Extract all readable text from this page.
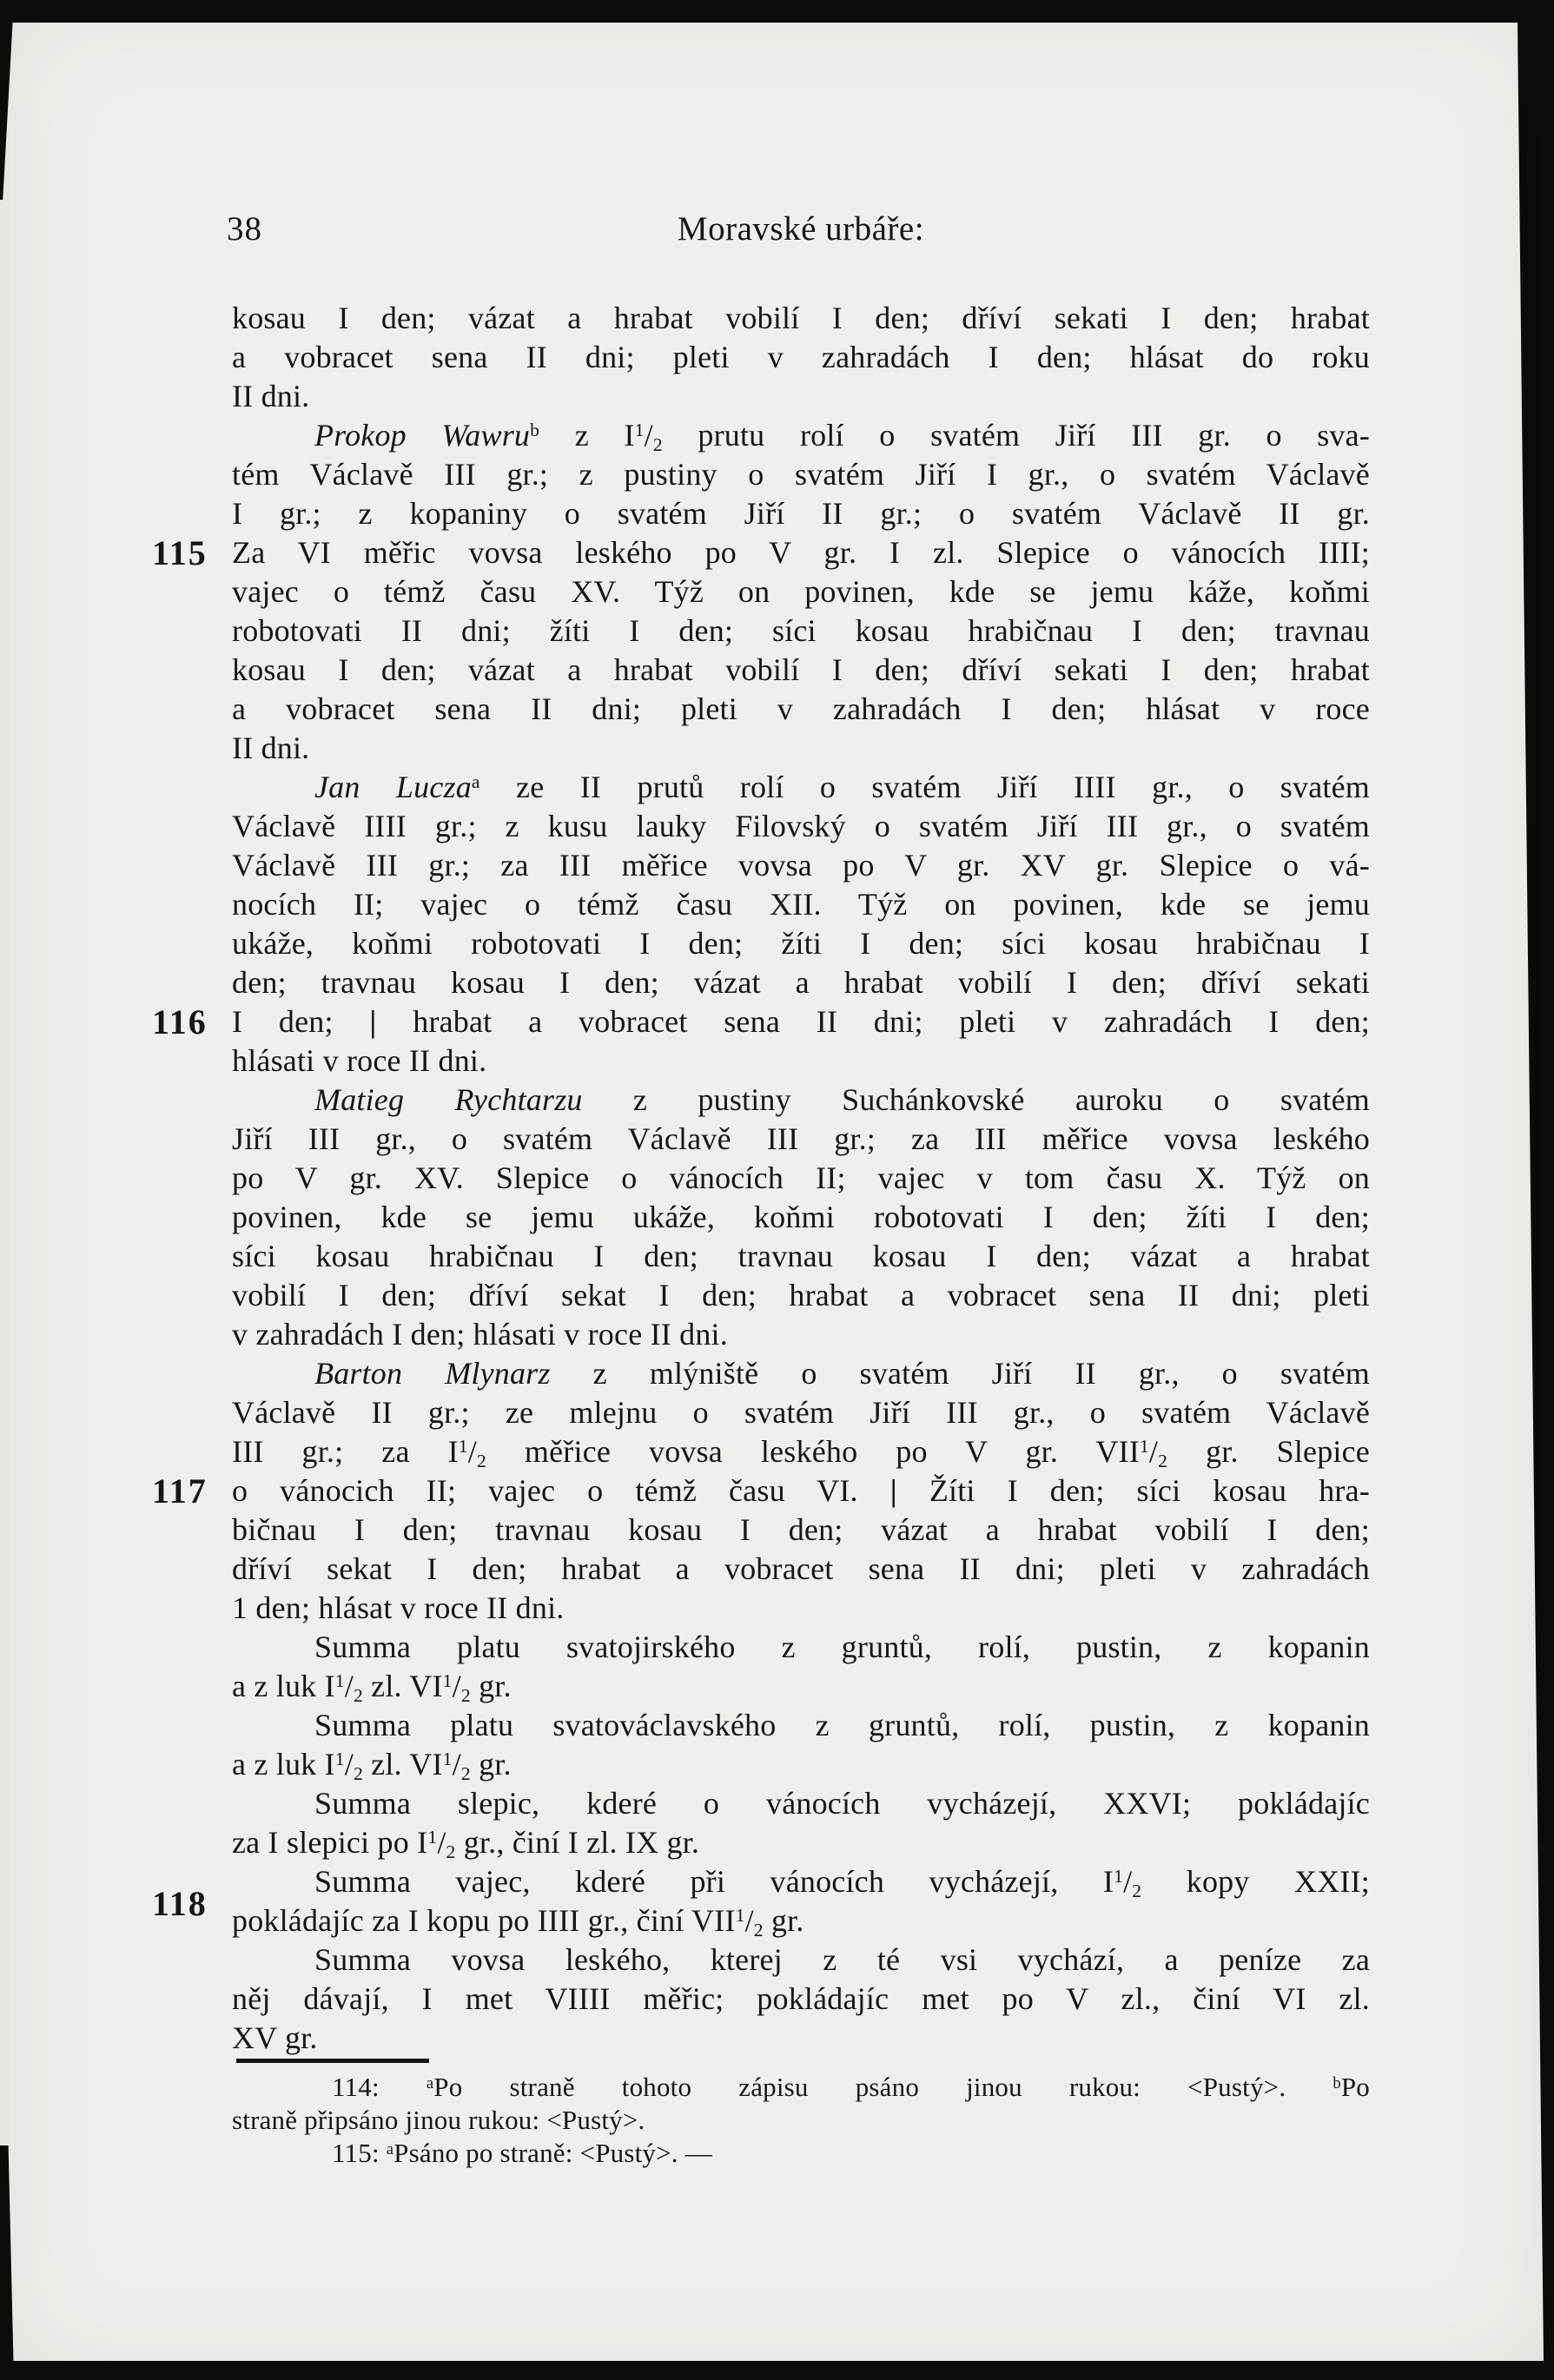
38	Moravské urbáře:
kosau I den; vázat a hrabat vobilí I den; dříví sekati I den; hrabat
a vobracet sena II dni; pleti v zahradách I den; hlásat do roku
II dni.
Prokop Wawru$^b$ z $I^1/2$ prutu rolí o svatém Jiří III gr. o sva-
tém Václavě III gr.; z pustiny o svatém Jiří I gr., o svatém Václavě
I gr.; z kopaniny o svatém Jiří II gr.; o svatém Václavě II gr.
115 Za VI měřic vovsa leského po V gr. I zl. Slepice o vánocích IIII;
vajec o témž času XV. Týž on povinen, kde se jemu káže, koňmi
robotovati II dni; žíti I den; síci kosau hrabičnau I den; travnau
kosau I den; vázat a hrabat vobilí I den; dříví sekati I den; hrabat
a vobracet sena II dni; pleti v zahradách I den; hlásat v roce
II dni.
Jan Lucza$^a$ ze II prutů rolí o svatém Jiří IIII gr., o svatém
Václavě IIII gr.; z kusu lauky Filovský o svatém Jiří III gr., o svatém
Václavě III gr.; za III měřice vovsa po V gr. XV gr. Slepice o vá-
nocích II; vajec o témž času XII. Týž on povinen, kde se jemu
ukáže, koňmi robotovati I den; žíti I den; síci kosau hrabičnau I
den; travnau kosau I den; vázat a hrabat vobilí I den; dříví sekati
116 I den; | hrabat a vobracet sena II dni; pleti v zahradách I den;
hlásati v roce II dni.
Matieg Rychtarzu z pustiny Suchánkovské auroku o svatém
Jiří III gr., o svatém Václavě III gr.; za III měřice vovsa leského
po V gr. XV. Slepice o vánocích II; vajec v tom času X. Týž on
povinen, kde se jemu ukáže, koňmi robotovati I den; žíti I den;
síci kosau hrabičnau I den; travnau kosau I den; vázat a hrabat
vobilí I den; dříví sekat I den; hrabat a vobracet sena II dni; pleti
v zahradách I den; hlásati v roce II dni.
Barton Mlynarz z mlýniště o svatém Jiří II gr., o svatém
Václavě II gr.; ze mlejnu o svatém Jiří III gr., o svatém Václavě
III gr.; za $I^1/2$ měřice vovsa leského po V gr. VII$^1$/2 gr. Slepice
117 o vánocich II; vajec o témž času VI. | Žíti I den; síci kosau hra-
bičnau I den; travnau kosau I den; vázat a hrabat vobilí I den;
dříví sekat I den; hrabat a vobracet sena II dni; pleti v zahradách
1 den; hlásat v roce II dni.
Summa platu svatojirského z gruntů, rolí, pustin, z kopanin
a z luk $I^1/2$ zl. $VI^1/2$ gr.
Summa platu svatováclavského z gruntů, rolí, pustin, z kopanin
a z luk $I^1/2$ zl. $VI^1/2$ gr.
Summa slepic, kderé o vánocích vycházejí, XXVI; pokládajíc
za I slepici po $I^1/2$ gr., činí I zl. IX gr.
Summa vajec, kderé při vánocích vycházejí, $I^1/2$ kopy XXII;
118 pokládajíc za I kopu po IIII gr., činí VII$^1$/2 gr.
Summa vovsa leského, kterej z té vsi vychází, a peníze za
něj dávají, I met VIIII měřic; pokládajíc met po V zl., činí VI zl.
XV gr.
114: $^a$Po straně tohoto zápisu psáno jinou rukou: <Pustý>. $^b$Po
straně připsáno jinou rukou: <Pustý>.
115: $^a$Psáno po straně: <Pustý>. —
